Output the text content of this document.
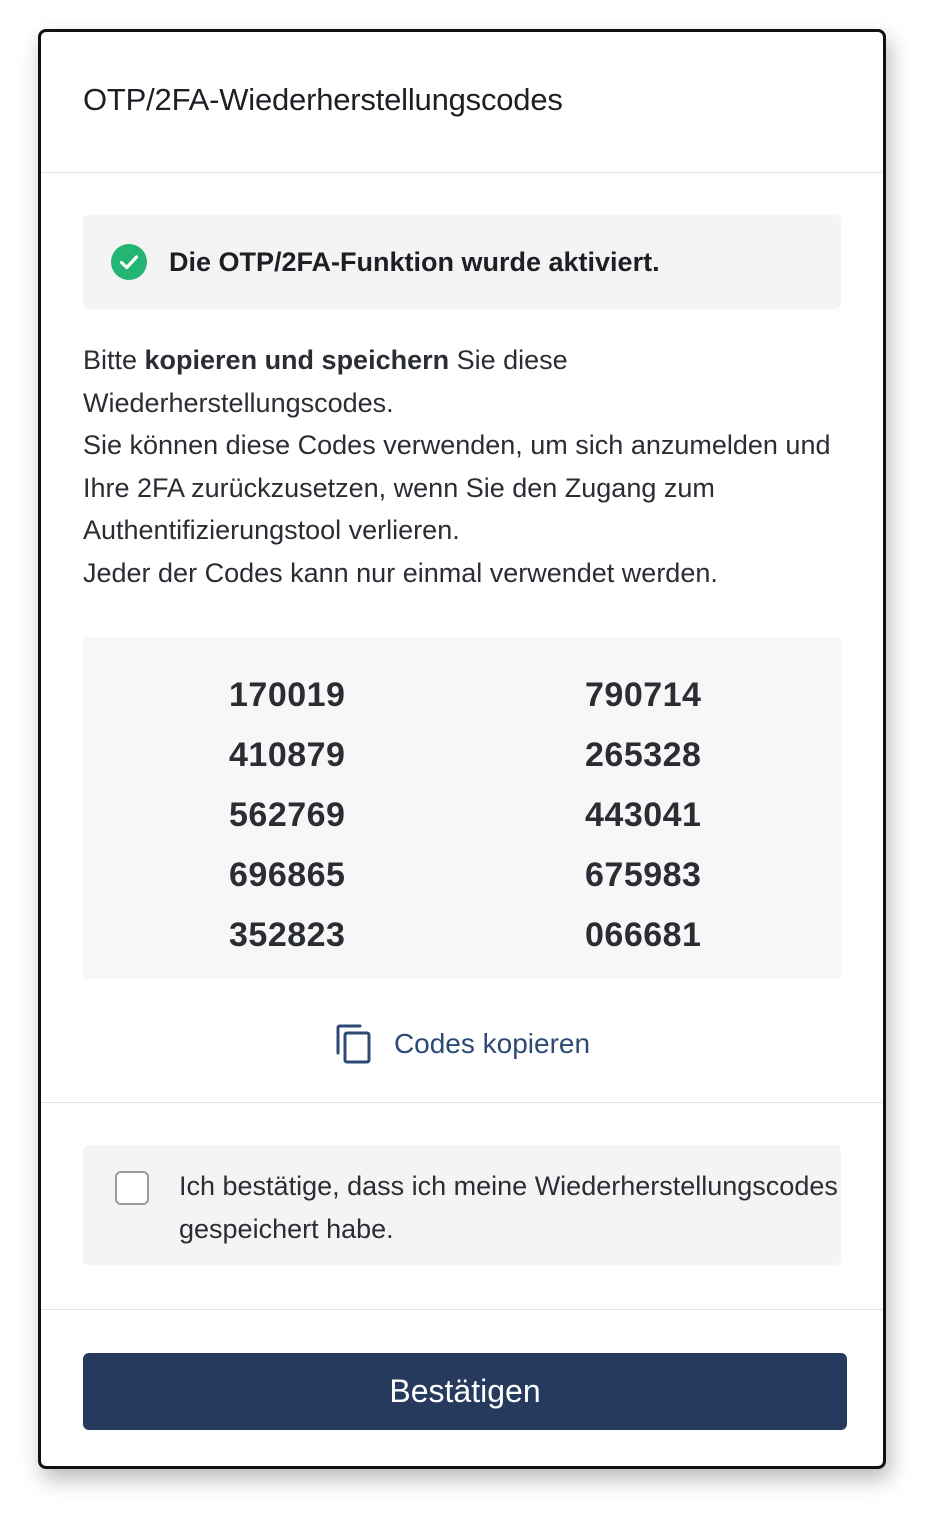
OTP/2FA-Wiederherstellungscodes
Die OTP/2FA-Funktion wurde aktiviert.

Bitte kopieren und speichern Sie diese Wiederherstellungscodes.

Sie können diese Codes verwenden, um sich anzumelden und Ihre 2FA zurückzusetzen, wenn Sie den Zugang zum Authentifizierungstool verlieren.

Jeder der Codes kann nur einmal verwendet werden.

170019
410879
562769
696865
352823
790714
265328
443041
675983
066681
Codes kopieren
Ich bestätige, dass ich meine Wiederherstellungscodes gespeichert habe.
Bestätigen
